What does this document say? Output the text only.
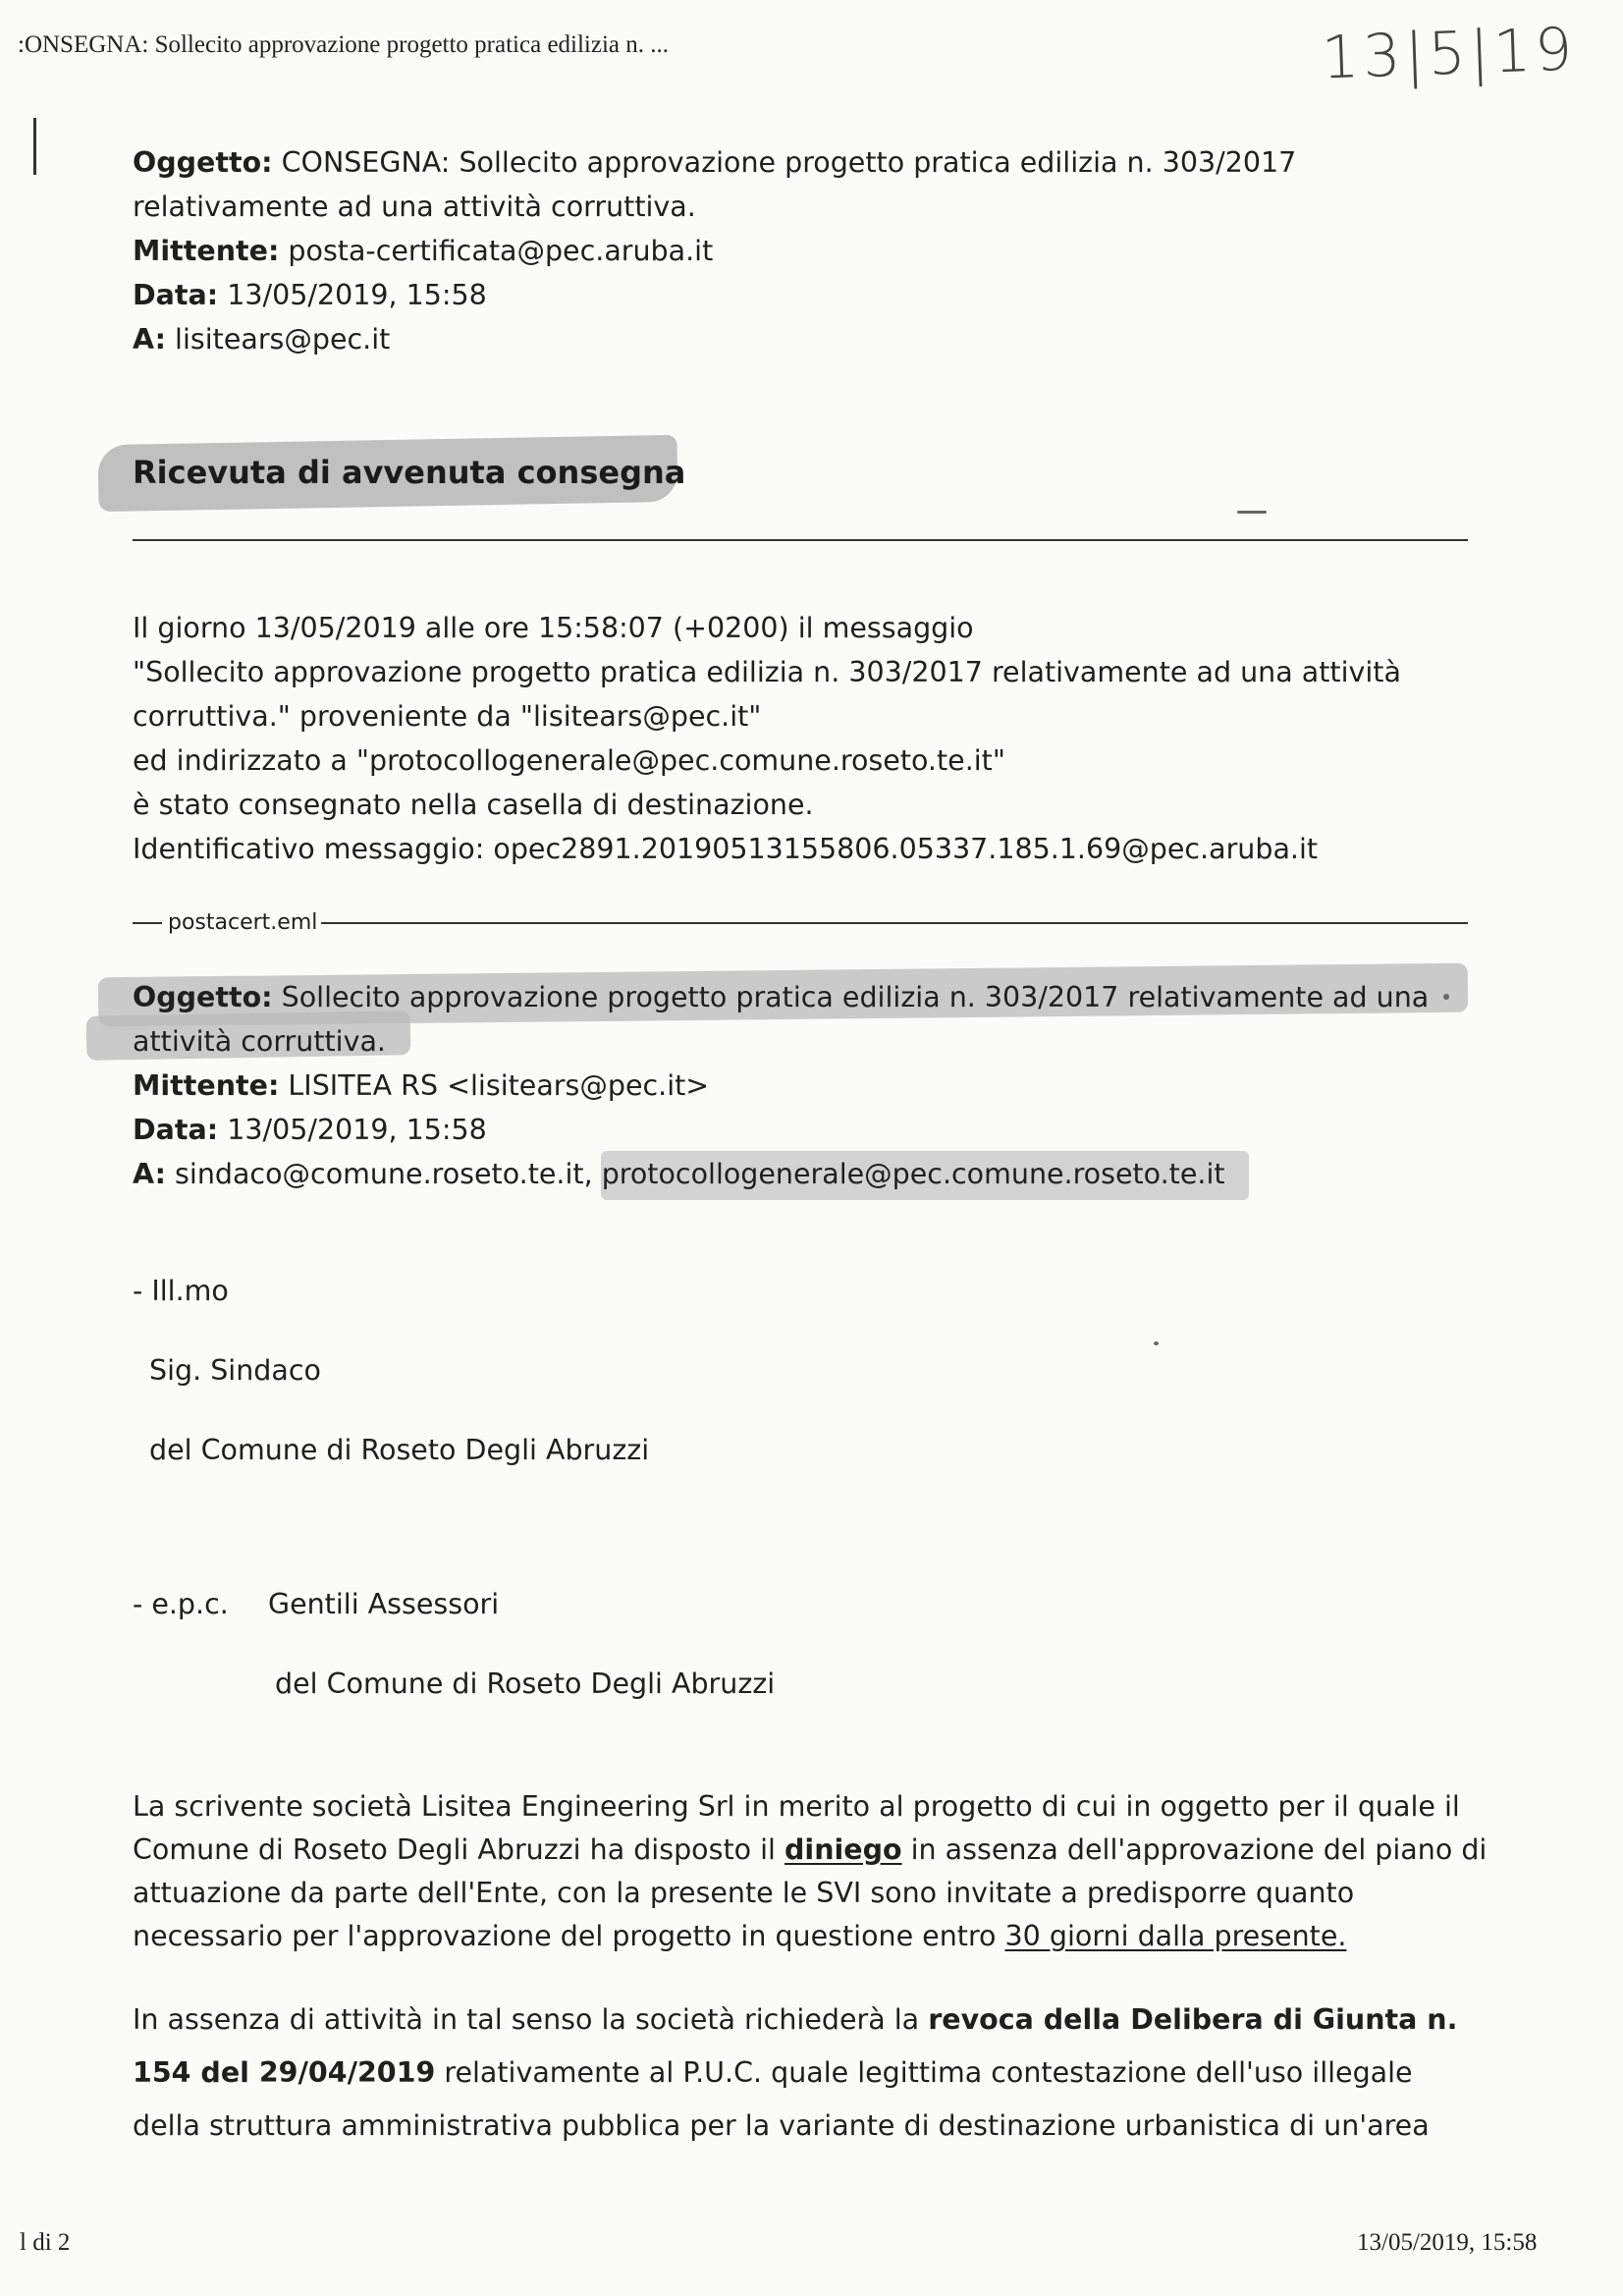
:ONSEGNA: Sollecito approvazione progetto pratica edilizia n. ...	13|5|19
Oggetto: CONSEGNA: Sollecito approvazione progetto pratica edilizia n. 303/2017
relativamente ad una attività corruttiva.
Mittente: posta-certificata@pec.aruba.it
Data: 13/05/2019, 15:58
A: lisitears@pec.it
Ricevuta di avvenuta consegna
Il giorno 13/05/2019 alle ore 15:58:07 (+0200) il messaggio
"Sollecito approvazione progetto pratica edilizia n. 303/2017 relativamente ad una attività
corruttiva." proveniente da "lisitears@pec.it"
ed indirizzato a "protocollogenerale@pec.comune.roseto.te.it"
è stato consegnato nella casella di destinazione.
Identificativo messaggio: opec2891.20190513155806.05337.185.1.69@pec.aruba.it
postacert.eml
Oggetto: Sollecito approvazione progetto pratica edilizia n. 303/2017 relativamente ad una
attività corruttiva.
Mittente: LISITEA RS <lisitears@pec.it>
Data: 13/05/2019, 15:58
A: sindaco@comune.roseto.te.it, protocollogenerale@pec.comune.roseto.te.it
- Ill.mo
Sig. Sindaco
del Comune di Roseto Degli Abruzzi
- e.p.c. Gentili Assessori
del Comune di Roseto Degli Abruzzi
La scrivente società Lisitea Engineering Srl in merito al progetto di cui in oggetto per il quale il Comune di Roseto Degli Abruzzi ha disposto il diniego in assenza dell'approvazione del piano di attuazione da parte dell'Ente, con la presente le SVI sono invitate a predisporre quanto necessario per l'approvazione del progetto in questione entro 30 giorni dalla presente.
In assenza di attività in tal senso la società richiederà la revoca della Delibera di Giunta n. 154 del 29/04/2019 relativamente al P.U.C. quale legittima contestazione dell'uso illegale della struttura amministrativa pubblica per la variante di destinazione urbanistica di un'area
l di 2	13/05/2019, 15:58
